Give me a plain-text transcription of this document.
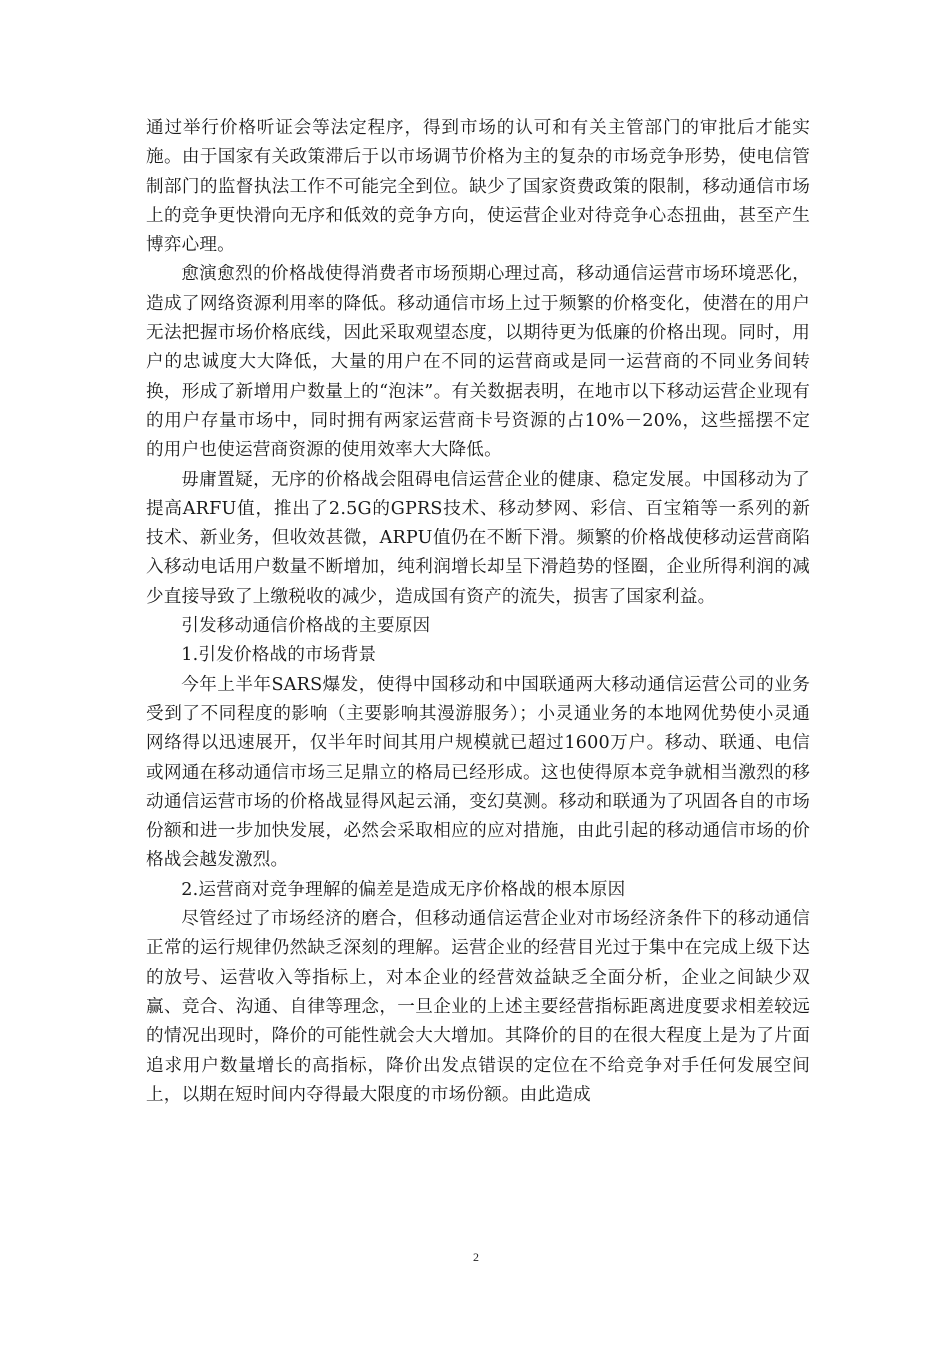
通过举行价格听证会等法定程序，得到市场的认可和有关主管部门的审批后才能实施。由于国家有关政策滞后于以市场调节价格为主的复杂的市场竞争形势，使电信管制部门的监督执法工作不可能完全到位。缺少了国家资费政策的限制，移动通信市场上的竞争更快滑向无序和低效的竞争方向，使运营企业对待竞争心态扭曲，甚至产生博弈心理。

愈演愈烈的价格战使得消费者市场预期心理过高，移动通信运营市场环境恶化，造成了网络资源利用率的降低。移动通信市场上过于频繁的价格变化，使潜在的用户无法把握市场价格底线，因此采取观望态度，以期待更为低廉的价格出现。同时，用户的忠诚度大大降低，大量的用户在不同的运营商或是同一运营商的不同业务间转换，形成了新增用户数量上的“泡沫”。有关数据表明，在地市以下移动运营企业现有的用户存量市场中，同时拥有两家运营商卡号资源的占10%－20%，这些摇摆不定的用户也使运营商资源的使用效率大大降低。

毋庸置疑，无序的价格战会阻碍电信运营企业的健康、稳定发展。中国移动为了提高ARFU值，推出了2.5G的GPRS技术、移动梦网、彩信、百宝箱等一系列的新技术、新业务，但收效甚微，ARPU值仍在不断下滑。频繁的价格战使移动运营商陷入移动电话用户数量不断增加，纯利润增长却呈下滑趋势的怪圈，企业所得利润的减少直接导致了上缴税收的减少，造成国有资产的流失，损害了国家利益。

引发移动通信价格战的主要原因

1.引发价格战的市场背景

今年上半年SARS爆发，使得中国移动和中国联通两大移动通信运营公司的业务受到了不同程度的影响（主要影响其漫游服务）；小灵通业务的本地网优势使小灵通网络得以迅速展开，仅半年时间其用户规模就已超过1600万户。移动、联通、电信或网通在移动通信市场三足鼎立的格局已经形成。这也使得原本竞争就相当激烈的移动通信运营市场的价格战显得风起云涌，变幻莫测。移动和联通为了巩固各自的市场份额和进一步加快发展，必然会采取相应的应对措施，由此引起的移动通信市场的价格战会越发激烈。

2.运营商对竞争理解的偏差是造成无序价格战的根本原因

尽管经过了市场经济的磨合，但移动通信运营企业对市场经济条件下的移动通信正常的运行规律仍然缺乏深刻的理解。运营企业的经营目光过于集中在完成上级下达的放号、运营收入等指标上，对本企业的经营效益缺乏全面分析，企业之间缺少双赢、竞合、沟通、自律等理念，一旦企业的上述主要经营指标距离进度要求相差较远的情况出现时，降价的可能性就会大大增加。其降价的目的在很大程度上是为了片面追求用户数量增长的高指标，降价出发点错误的定位在不给竞争对手任何发展空间上，以期在短时间内夺得最大限度的市场份额。由此造成

2
